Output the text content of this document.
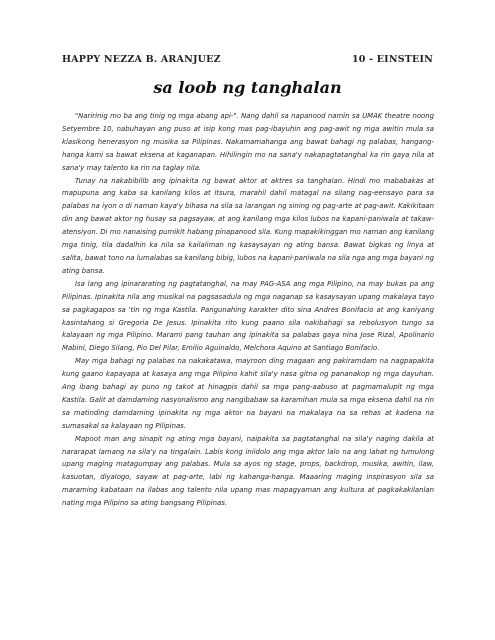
HAPPY NEZZA B. ARANJUEZ	10 - EINSTEIN
sa loob ng tanghalan

"Naririnig mo ba ang tinig ng mga abang api-". Nang dahil sa napanood namin sa UMAK theatre noong Setyembre 10, nabuhayan ang puso at isip kong mas pag-ibayuhin ang pag-awit ng mga awitin mula sa klasikong henerasyon ng musika sa Pilipinas. Nakamamahanga ang bawat bahagi ng palabas, hangang-hanga kami sa bawat eksena at kaganapan. Hihilingin mo na sana'y nakapagtatanghal ka rin gaya nila at sana'y may talento ka rin na taglay nila.

Tunay na nakabibilib ang ipinakita ng bawat aktor at aktres sa tanghalan. Hindi mo mababakas at mapupuna ang kaba sa kanilang kilos at itsura, marahil dahil matagal na silang nag-eensayo para sa palabas na iyon o di naman kaya'y bihasa na sila sa larangan ng sining ng pag-arte at pag-awit. Kakikitaan din ang bawat aktor ng husay sa pagsayaw, at ang kanilang mga kilos lubos na kapani-paniwala at takaw-atensiyon. Di mo nanaising pumikit habang pinapanood sila. Kung mapakikinggan mo naman ang kanilang mga tinig, tila dadalhin ka nila sa kailaliman ng kasaysayan ng ating bansa. Bawat bigkas ng linya at salita, bawat tono na lumalabas sa kanilang bibig, lubos na kapani-paniwala na sila nga ang mga bayani ng ating bansa.

Isa lang ang ipinararating ng pagtatanghal, na may PAG-ASA ang mga Pilipino, na may bukas pa ang Pilipinas. Ipinakita nila ang musikal na pagsasadula ng mga naganap sa kasaysayan upang makalaya tayo sa pagkagapos sa 'tin ng mga Kastila. Pangunahing karakter dito sina Andres Bonifacio at ang kaniyang kasintahang si Gregoria De Jesus. Ipinakita rito kung paano sila nakibahagi sa rebolusyon tungo sa kalayaan ng mga Pilipino. Marami pang tauhan ang ipinakita sa palabas gaya nina Jose Rizal, Apolinario Mabini, Diego Silang, Pio Del Pilar, Emilio Aguinaldo, Melchora Aquino at Santiago Bonifacio.

May mga bahagi ng palabas na nakakatawa, mayroon ding magaan ang pakiramdam na nagpapakita kung gaano kapayapa at kasaya ang mga Pilipino kahit sila'y nasa gitna ng pananakop ng mga dayuhan. Ang ibang bahagi ay puno ng takot at hinagpis dahil sa mga pang-aabuso at pagmamalupit ng mga Kastila. Galit at damdaming nasyonalismo ang nangibabaw sa karamihan mula sa mga eksena dahil na rin sa matinding damdaming ipinakita ng mga aktor na bayani na makalaya na sa rehas at kadena na sumasakal sa kalayaan ng Pilipinas.

Mapoot man ang sinapit ng ating mga bayani, naipakita sa pagtatanghal na sila'y naging dakila at nararapat lamang na sila'y na tingalain. Labis kong iniidolo ang mga aktor lalo na ang lahat ng tumulong upang maging matagumpay ang palabas. Mula sa ayos ng stage, props, backdrop, musika, awitin, ilaw, kasuotan, diyalogo, sayaw at pag-arte, labi ng kahanga-hanga. Maaaring maging inspirasyon sila sa maraming kabataan na ilabas ang talento nila upang mas mapagyaman ang kultura at pagkakakilanlan nating mga Pilipino sa ating bangsang Pilipinas.
